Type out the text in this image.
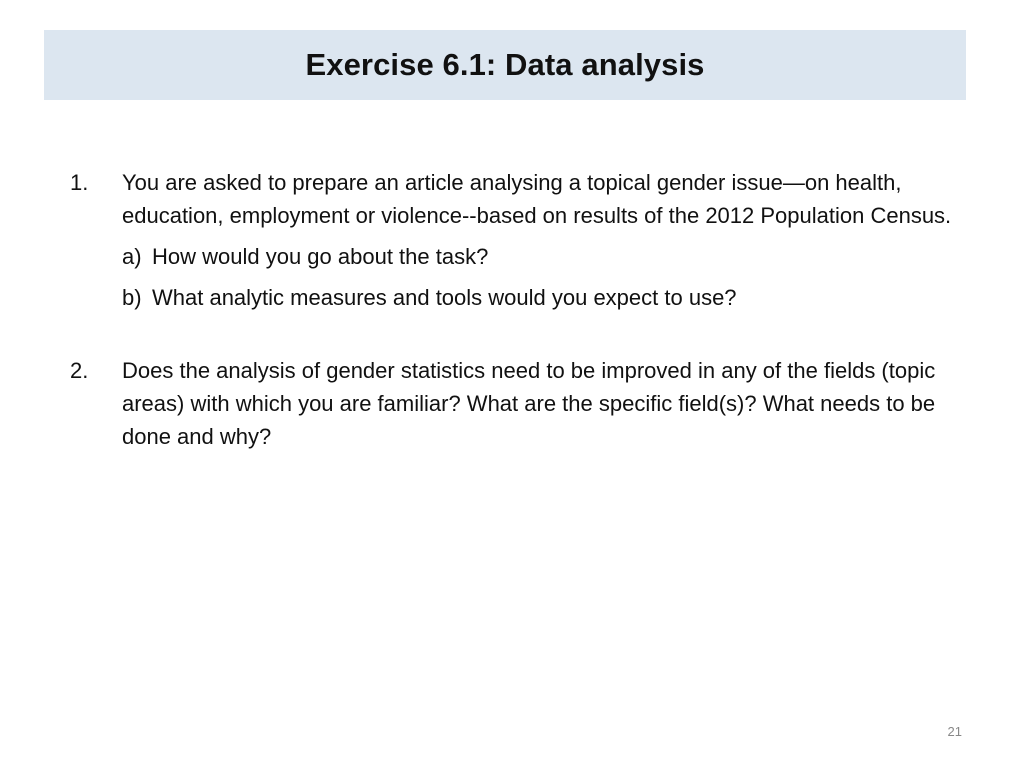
Exercise 6.1: Data analysis
1.	You are asked to prepare an article analysing a topical gender issue—on health, education, employment or violence--based on results of the 2012 Population Census.

a) How would you go about the task?

b) What analytic measures and tools would you expect to use?

2.	Does the analysis of gender statistics need to be improved in any of the fields (topic areas) with which you are familiar? What are the specific field(s)? What needs to be done and why?

21
